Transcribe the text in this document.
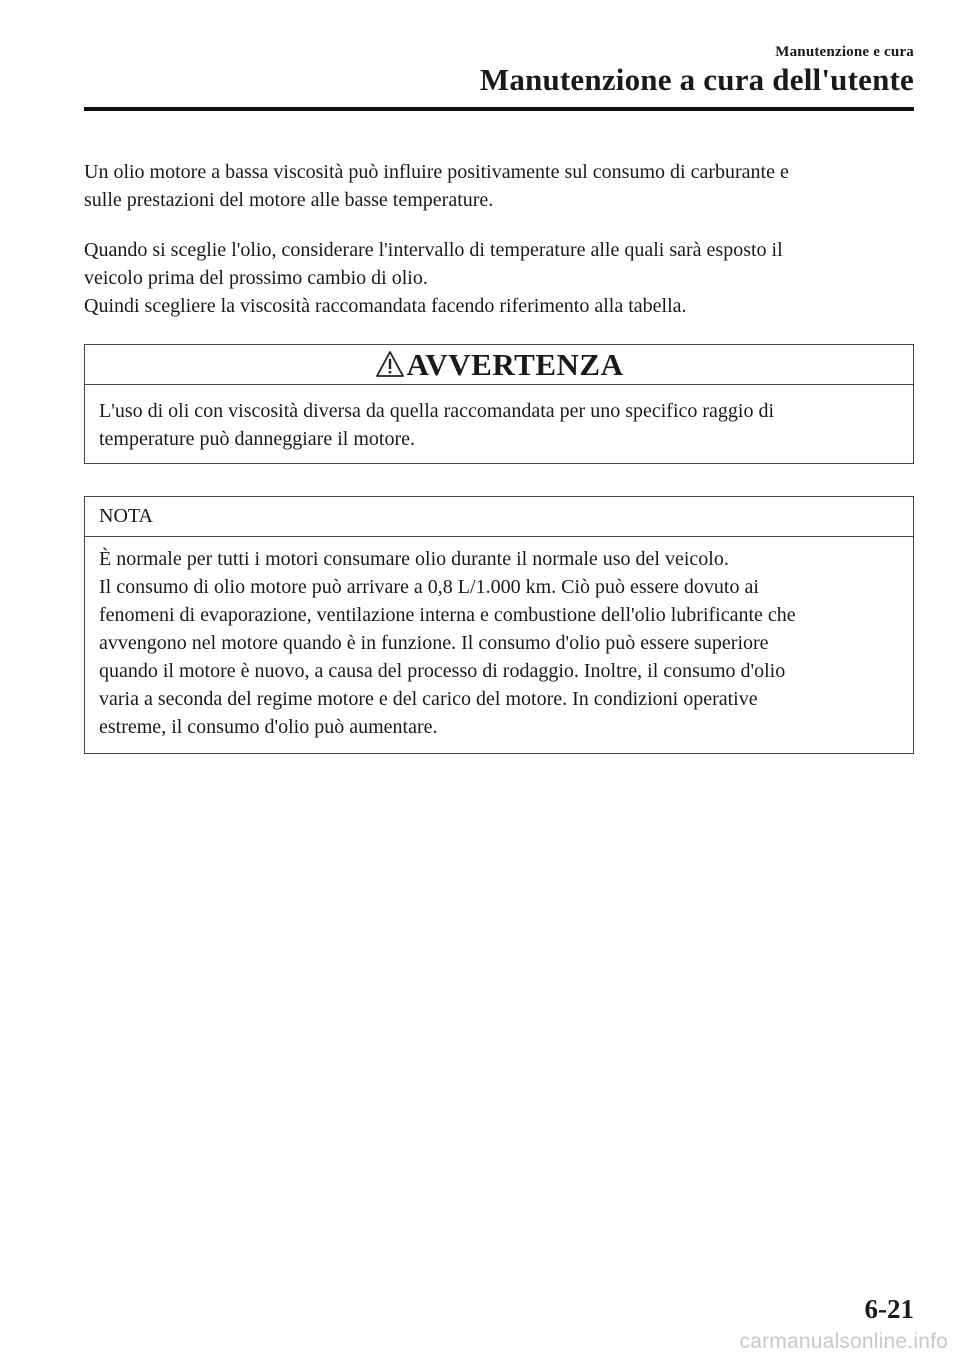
Manutenzione e cura
Manutenzione a cura dell'utente

Un olio motore a bassa viscosità può influire positivamente sul consumo di carburante e
sulle prestazioni del motore alle basse temperature.

Quando si sceglie l'olio, considerare l'intervallo di temperature alle quali sarà esposto il
veicolo prima del prossimo cambio di olio.
Quindi scegliere la viscosità raccomandata facendo riferimento alla tabella.

AVVERTENZA
L'uso di oli con viscosità diversa da quella raccomandata per uno specifico raggio di
temperature può danneggiare il motore.
NOTA
È normale per tutti i motori consumare olio durante il normale uso del veicolo.
Il consumo di olio motore può arrivare a 0,8 L/1.000 km. Ciò può essere dovuto ai
fenomeni di evaporazione, ventilazione interna e combustione dell'olio lubrificante che
avvengono nel motore quando è in funzione. Il consumo d'olio può essere superiore
quando il motore è nuovo, a causa del processo di rodaggio. Inoltre, il consumo d'olio
varia a seconda del regime motore e del carico del motore. In condizioni operative
estreme, il consumo d'olio può aumentare.
6-21
carmanualsonline.info
